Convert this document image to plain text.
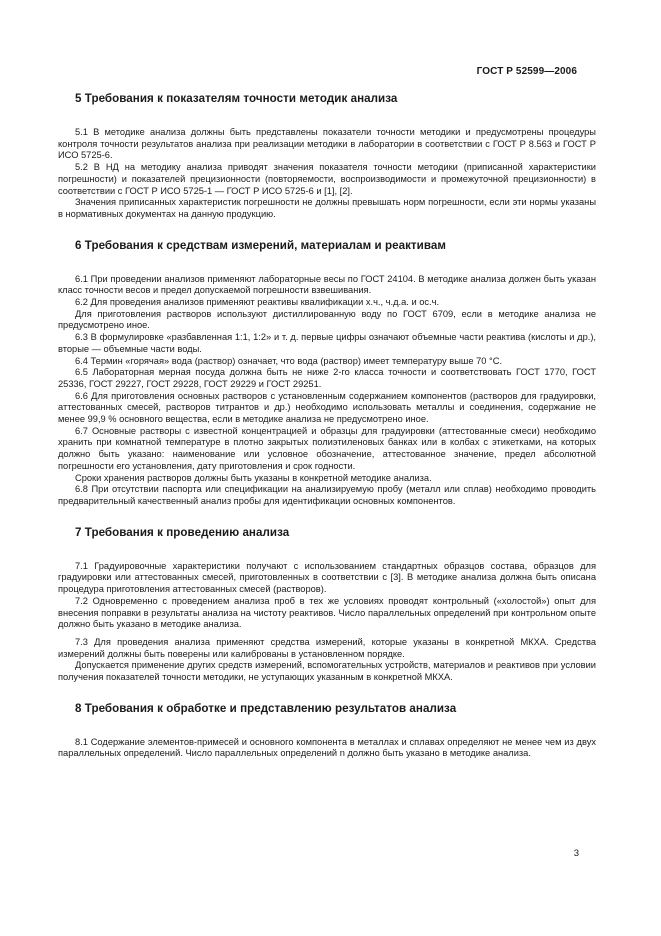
ГОСТ Р 52599—2006
5 Требования к показателям точности методик анализа

5.1 В методике анализа должны быть представлены показатели точности методики и предусмотрены процедуры контроля точности результатов анализа при реализации методики в лаборатории в соответствии с ГОСТ Р 8.563 и ГОСТ Р ИСО 5725-6.

5.2 В НД на методику анализа приводят значения показателя точности методики (приписанной характеристики погрешности) и показателей прецизионности (повторяемости, воспроизводимости и промежуточной прецизионности) в соответствии с ГОСТ Р ИСО 5725-1 — ГОСТ Р ИСО 5725-6 и [1], [2].

Значения приписанных характеристик погрешности не должны превышать норм погрешности, если эти нормы указаны в нормативных документах на данную продукцию.

6 Требования к средствам измерений, материалам и реактивам

6.1 При проведении анализов применяют лабораторные весы по ГОСТ 24104. В методике анализа должен быть указан класс точности весов и предел допускаемой погрешности взвешивания.

6.2 Для проведения анализов применяют реактивы квалификации х.ч., ч.д.а. и ос.ч.

Для приготовления растворов используют дистиллированную воду по ГОСТ 6709, если в методике анализа не предусмотрено иное.

6.3 В формулировке «разбавленная 1:1, 1:2» и т. д. первые цифры означают объемные части реактива (кислоты и др.), вторые — объемные части воды.

6.4 Термин «горячая» вода (раствор) означает, что вода (раствор) имеет температуру выше 70 °С.

6.5 Лабораторная мерная посуда должна быть не ниже 2-го класса точности и соответствовать ГОСТ 1770, ГОСТ 25336, ГОСТ 29227, ГОСТ 29228, ГОСТ 29229 и ГОСТ 29251.

6.6 Для приготовления основных растворов с установленным содержанием компонентов (растворов для градуировки, аттестованных смесей, растворов титрантов и др.) необходимо использовать металлы и соединения, содержание не менее 99,9 % основного вещества, если в методике анализа не предусмотрено иное.

6.7 Основные растворы с известной концентрацией и образцы для градуировки (аттестованные смеси) необходимо хранить при комнатной температуре в плотно закрытых полиэтиленовых банках или в колбах с этикетками, на которых должно быть указано: наименование или условное обозначение, аттестованное значение, предел абсолютной погрешности его установления, дату приготовления и срок годности.

Сроки хранения растворов должны быть указаны в конкретной методике анализа.

6.8 При отсутствии паспорта или спецификации на анализируемую пробу (металл или сплав) необходимо проводить предварительный качественный анализ пробы для идентификации основных компонентов.

7 Требования к проведению анализа

7.1 Градуировочные характеристики получают с использованием стандартных образцов состава, образцов для градуировки или аттестованных смесей, приготовленных в соответствии с [3]. В методике анализа должна быть описана процедура приготовления аттестованных смесей (растворов).

7.2 Одновременно с проведением анализа проб в тех же условиях проводят контрольный («холостой») опыт для внесения поправки в результаты анализа на чистоту реактивов. Число параллельных определений при контрольном опыте должно быть указано в методике анализа.

7.3 Для проведения анализа применяют средства измерений, которые указаны в конкретной МКХА. Средства измерений должны быть поверены или калиброваны в установленном порядке.

Допускается применение других средств измерений, вспомогательных устройств, материалов и реактивов при условии получения показателей точности методики, не уступающих указанным в конкретной МКХА.

8 Требования к обработке и представлению результатов анализа

8.1 Содержание элементов-примесей и основного компонента в металлах и сплавах определяют не менее чем из двух параллельных определений. Число параллельных определений n должно быть указано в методике анализа.

3
